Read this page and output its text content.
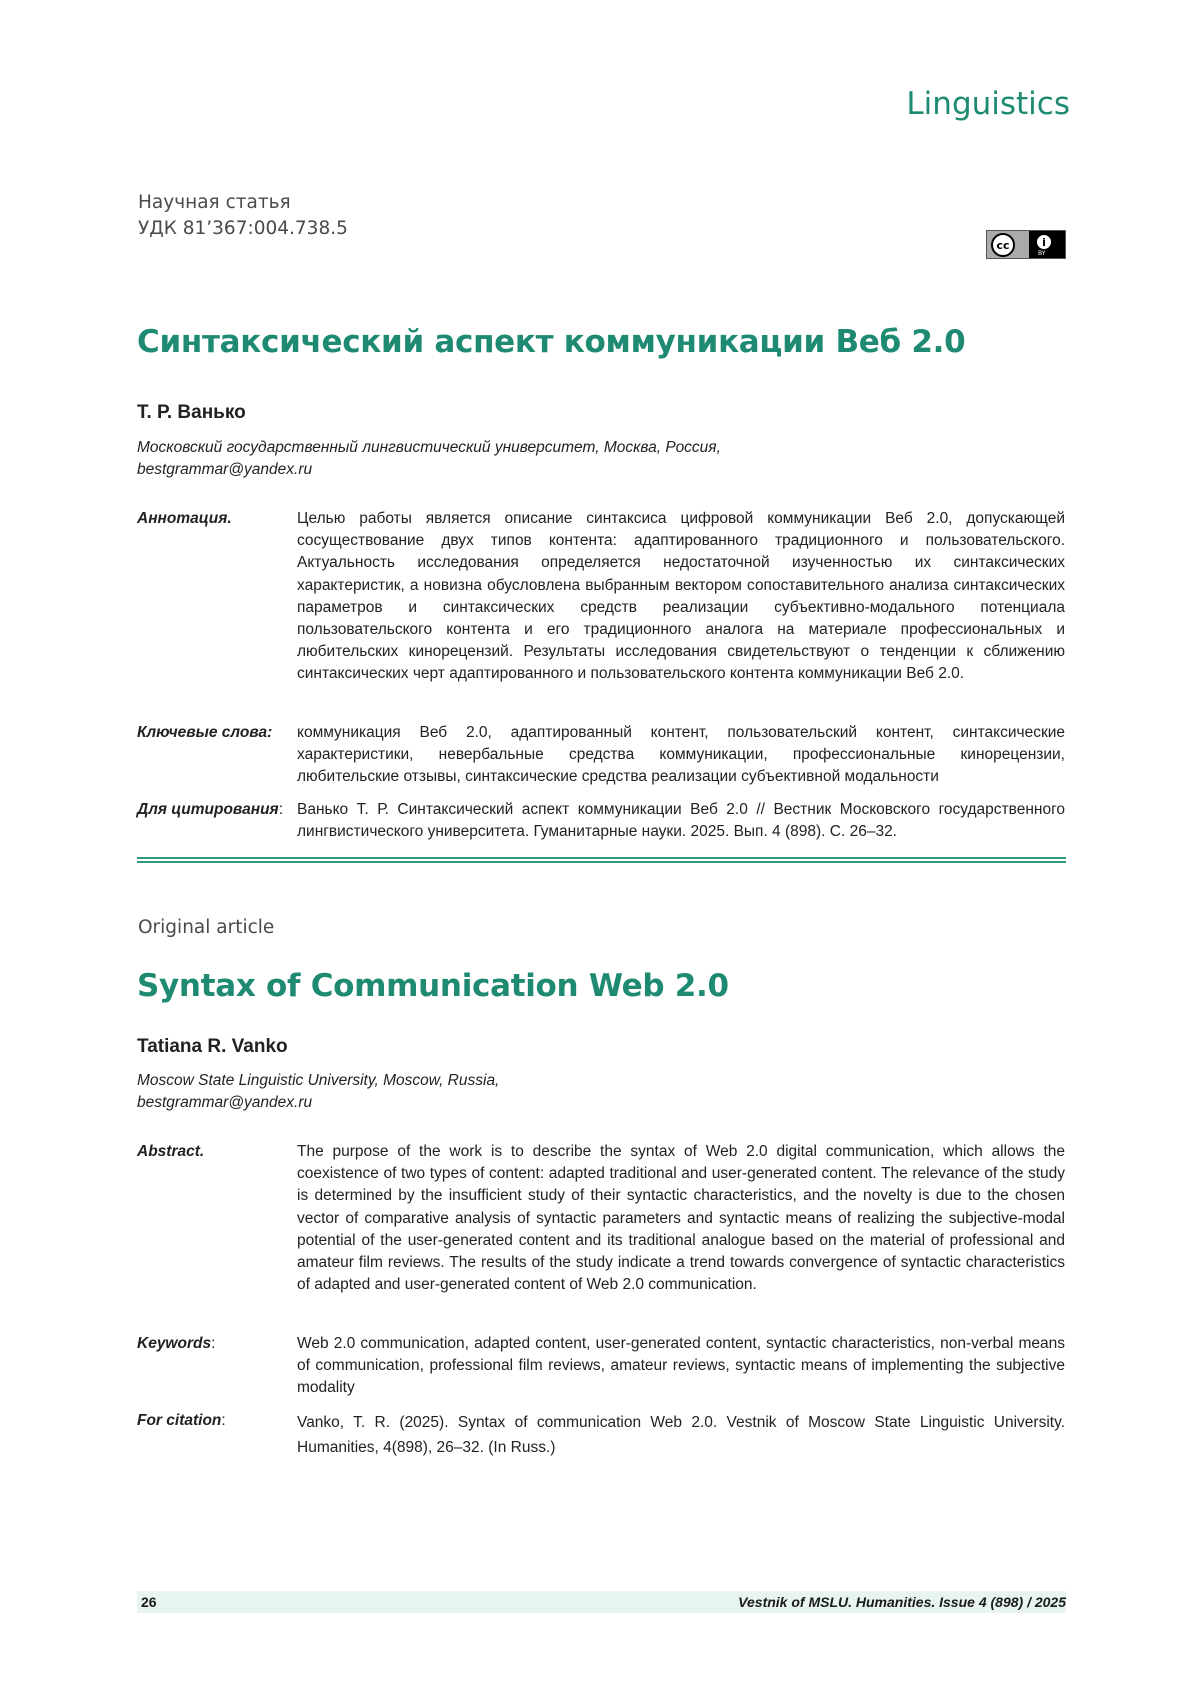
Linguistics
Научная статья
УДК 81’367:004.738.5
cc	i
BY
Синтаксический аспект коммуникации Веб 2.0
Т. Р. Ванько
Московский государственный лингвистический университет, Москва, Россия,
bestgrammar@yandex.ru
Аннотация.	Целью работы является описание синтаксиса цифровой коммуникации Веб 2.0, допускающей сосуществование двух типов контента: адаптированного традиционного и пользовательского. Актуальность исследования определяется недостаточной изученностью их синтаксических характеристик, а новизна обусловлена выбранным вектором сопоставительного анализа синтаксических параметров и синтаксических средств реализации субъективно-модального потенциала пользовательского контента и его традиционного аналога на материале профессиональных и любительских кинорецензий. Результаты исследования свидетельствуют о тенденции к сближению синтаксических черт адаптированного и пользовательского контента коммуникации Веб 2.0.
Ключевые слова: коммуникация Веб 2.0, адаптированный контент, пользовательский контент, синтаксические характеристики, невербальные средства коммуникации, профессиональные кинорецензии, любительские отзывы, синтаксические средства реализации субъективной модальности
Для цитирования: Ванько Т. Р. Синтаксический аспект коммуникации Веб 2.0 // Вестник Московского государственного лингвистического университета. Гуманитарные науки. 2025. Вып. 4 (898). С. 26–32.
Original article
Syntax of Communication Web 2.0
Tatiana R. Vanko
Moscow State Linguistic University, Moscow, Russia,
bestgrammar@yandex.ru
Abstract.	The purpose of the work is to describe the syntax of Web 2.0 digital communication, which allows the coexistence of two types of content: adapted traditional and user-generated content. The relevance of the study is determined by the insufficient study of their syntactic characteristics, and the novelty is due to the chosen vector of comparative analysis of syntactic parameters and syntactic means of realizing the subjective-modal potential of the user-generated content and its traditional analogue based on the material of professional and amateur film reviews. The results of the study indicate a trend towards convergence of syntactic characteristics of adapted and user-generated content of Web 2.0 communication.
Keywords:	Web 2.0 communication, adapted content, user-generated content, syntactic characteristics, non-verbal means of communication, professional film reviews, amateur reviews, syntactic means of implementing the subjective modality
For citation:	Vanko, T. R. (2025). Syntax of communication Web 2.0. Vestnik of Moscow State Linguistic University. Humanities, 4(898), 26–32. (In Russ.)
26	Vestnik of MSLU. Humanities. Issue 4 (898) / 2025
